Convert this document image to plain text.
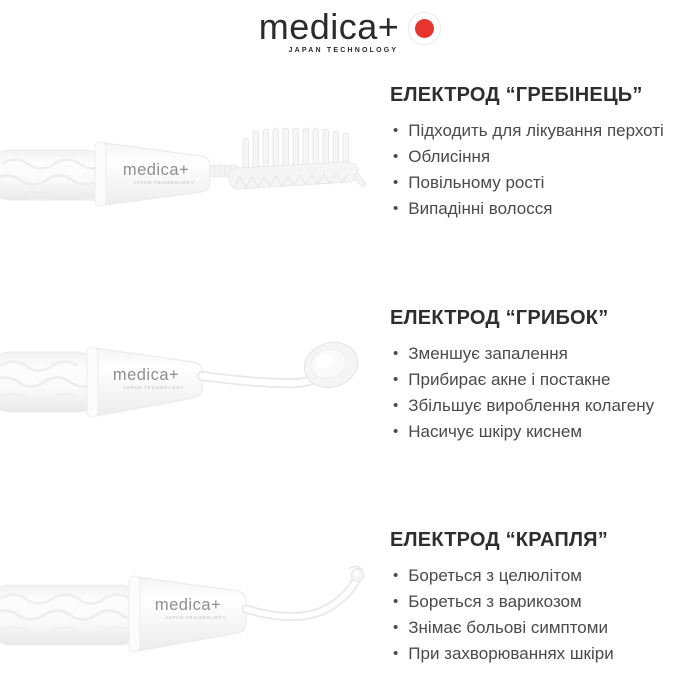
medica+
JAPAN TECHNOLOGY
medica+
JAPAN TECHNOLOGY
ЕЛЕКТРОД “ГРЕБІНЕЦЬ”
• Підходить для лікування перхоті
• Облисіння
• Повільному рості
• Випадінні волосся
medica+
JAPAN TECHNOLOGY
ЕЛЕКТРОД “ГРИБОК”
• Зменшує запалення
• Прибирає акне і постакне
• Збільшує вироблення колагену
• Насичує шкіру киснем
medica+
JAPAN TECHNOLOGY
ЕЛЕКТРОД “КРАПЛЯ”
• Бореться з целюлітом
• Бореться з варикозом
• Знімає больові симптоми
• При захворюваннях шкіри
